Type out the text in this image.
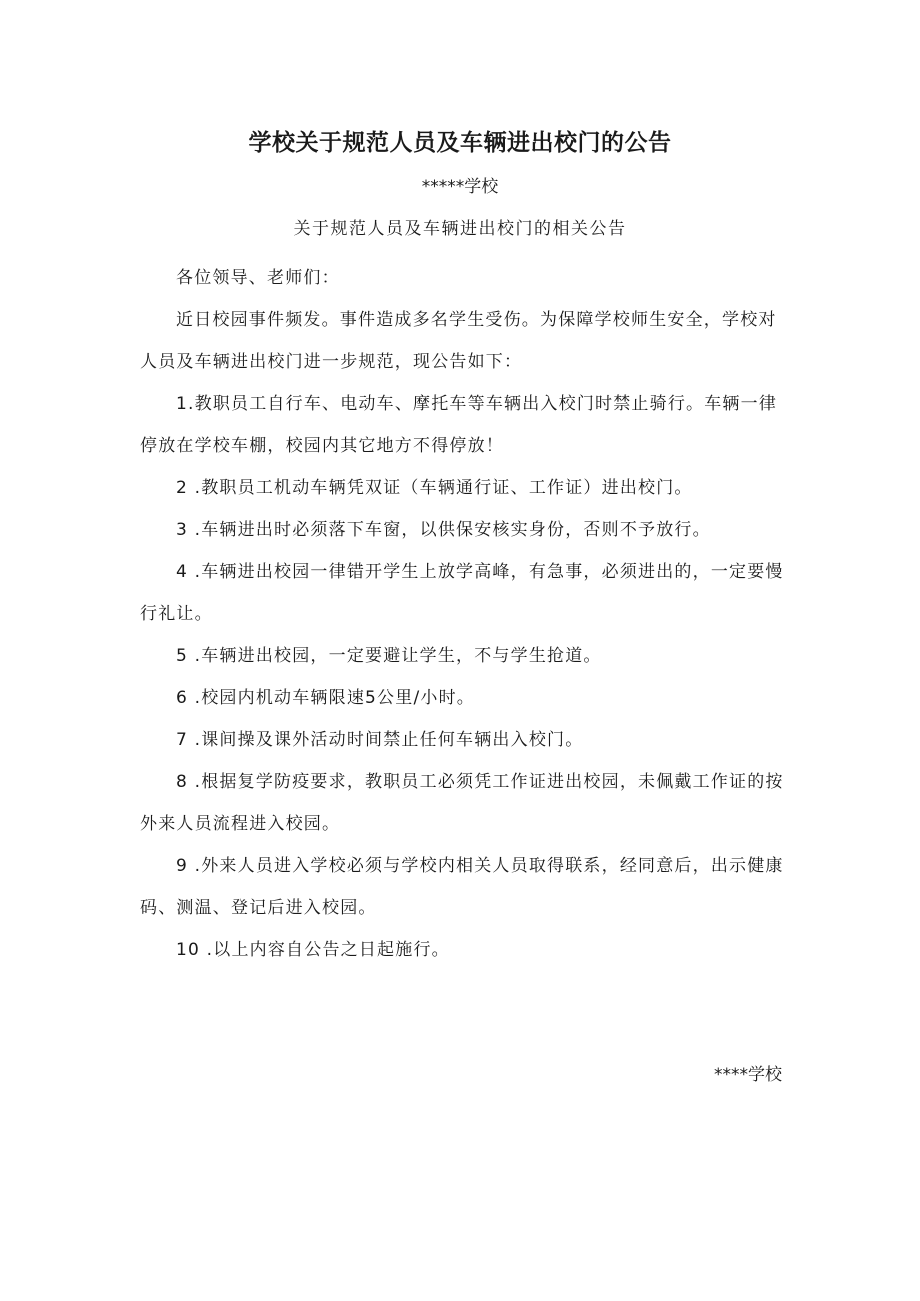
学校关于规范人员及车辆进出校门的公告
*****学校
关于规范人员及车辆进出校门的相关公告

各位领导、老师们：

近日校园事件频发。事件造成多名学生受伤。为保障学校师生安全，学校对人员及车辆进出校门进一步规范，现公告如下：

1.教职员工自行车、电动车、摩托车等车辆出入校门时禁止骑行。车辆一律停放在学校车棚，校园内其它地方不得停放！

2 .教职员工机动车辆凭双证（车辆通行证、工作证）进出校门。

3 .车辆进出时必须落下车窗，以供保安核实身份，否则不予放行。

4 .车辆进出校园一律错开学生上放学高峰，有急事，必须进出的，一定要慢行礼让。

5 .车辆进出校园，一定要避让学生，不与学生抢道。

6 .校园内机动车辆限速5公里/小时。

7 .课间操及课外活动时间禁止任何车辆出入校门。

8 .根据复学防疫要求，教职员工必须凭工作证进出校园，未佩戴工作证的按外来人员流程进入校园。

9 .外来人员进入学校必须与学校内相关人员取得联系，经同意后，出示健康码、测温、登记后进入校园。

10 .以上内容自公告之日起施行。

****学校
